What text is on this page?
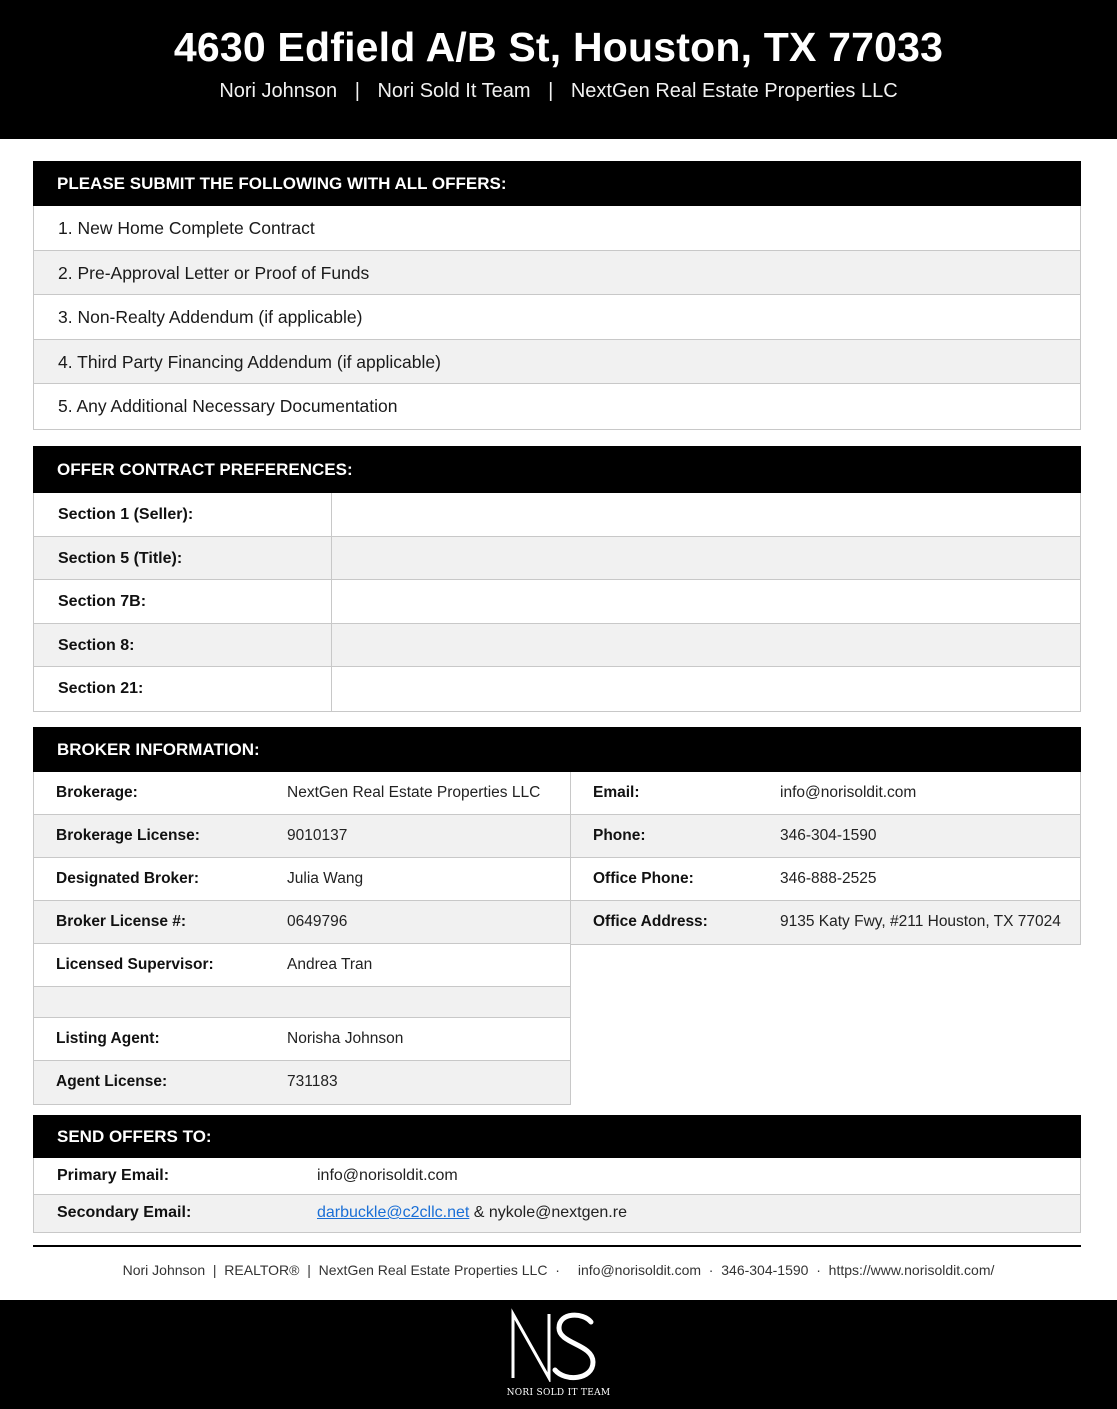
4630 Edfield A/B St, Houston, TX 77033
Nori Johnson | Nori Sold It Team | NextGen Real Estate Properties LLC
PLEASE SUBMIT THE FOLLOWING WITH ALL OFFERS:
1. New Home Complete Contract
2. Pre-Approval Letter or Proof of Funds
3. Non-Realty Addendum (if applicable)
4. Third Party Financing Addendum (if applicable)
5. Any Additional Necessary Documentation
OFFER CONTRACT PREFERENCES:
Section 1 (Seller):
Section 5 (Title):
Section 7B:
Section 8:
Section 21:
BROKER INFORMATION:
Brokerage:	NextGen Real Estate Properties LLC
Brokerage License:	9010137
Designated Broker:	Julia Wang
Broker License #:	0649796
Licensed Supervisor:	Andrea Tran
Listing Agent:	Norisha Johnson
Agent License:	731183
Email:	info@norisoldit.com
Phone:	346-304-1590
Office Phone:	346-888-2525
Office Address:	9135 Katy Fwy, #211 Houston, TX 77024
SEND OFFERS TO:
Primary Email:	info@norisoldit.com
Secondary Email:	darbuckle@c2cllc.net & nykole@nextgen.re
Nori Johnson  |  REALTOR®  |  NextGen Real Estate Properties LLC  · info@norisoldit.com  ·  346-304-1590  ·  https://www.norisoldit.com/
NORI SOLD IT TEAM
